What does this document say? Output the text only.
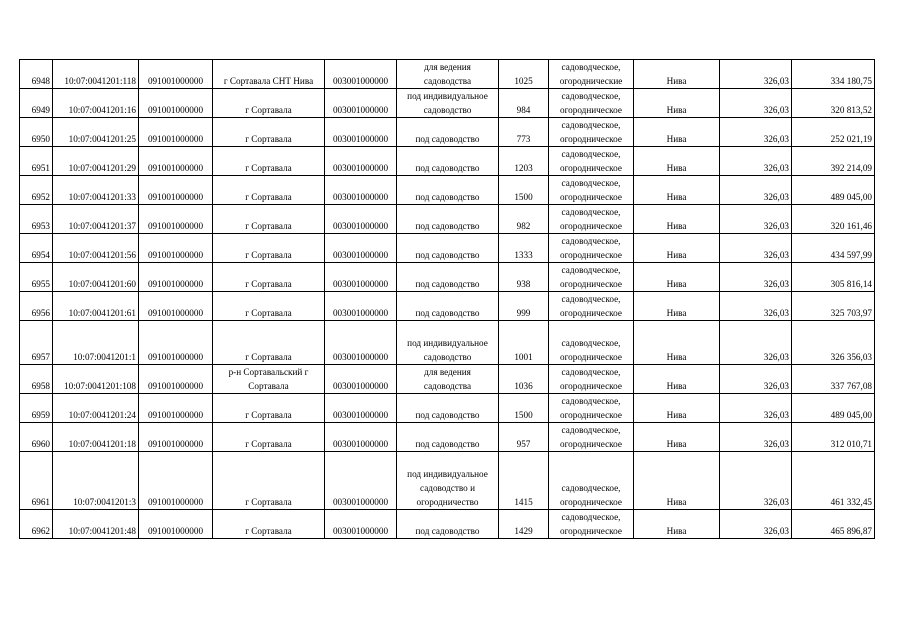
6948	10:07:0041201:118	091001000000	г Сортавала СНТ Нива	003001000000	для ведения
садоводства	1025	садоводческое,
огороднические	Нива	326,03	334 180,75
6949	10:07:0041201:16	091001000000	г Сортавала	003001000000	под индивидуальное
садоводство	984	садоводческое,
огородническое	Нива	326,03	320 813,52
6950	10:07:0041201:25	091001000000	г Сортавала	003001000000	под садоводство	773	садоводческое,
огородническое	Нива	326,03	252 021,19
6951	10:07:0041201:29	091001000000	г Сортавала	003001000000	под садоводство	1203	садоводческое,
огородническое	Нива	326,03	392 214,09
6952	10:07:0041201:33	091001000000	г Сортавала	003001000000	под садоводство	1500	садоводческое,
огородническое	Нива	326,03	489 045,00
6953	10:07:0041201:37	091001000000	г Сортавала	003001000000	под садоводство	982	садоводческое,
огородническое	Нива	326,03	320 161,46
6954	10:07:0041201:56	091001000000	г Сортавала	003001000000	под садоводство	1333	садоводческое,
огородническое	Нива	326,03	434 597,99
6955	10:07:0041201:60	091001000000	г Сортавала	003001000000	под садоводство	938	садоводческое,
огородническое	Нива	326,03	305 816,14
6956	10:07:0041201:61	091001000000	г Сортавала	003001000000	под садоводство	999	садоводческое,
огородническое	Нива	326,03	325 703,97
6957	10:07:0041201:1	091001000000	г Сортавала	003001000000	под индивидуальное
садоводство	1001	садоводческое,
огородническое	Нива	326,03	326 356,03
6958	10:07:0041201:108	091001000000	р-н Сортавальский г
Сортавала	003001000000	для ведения
садоводства	1036	садоводческое,
огородническое	Нива	326,03	337 767,08
6959	10:07:0041201:24	091001000000	г Сортавала	003001000000	под садоводство	1500	садоводческое,
огородническое	Нива	326,03	489 045,00
6960	10:07:0041201:18	091001000000	г Сортавала	003001000000	под садоводство	957	садоводческое,
огородническое	Нива	326,03	312 010,71
6961	10:07:0041201:3	091001000000	г Сортавала	003001000000	под индивидуальное
садоводство и
огородничество	1415	садоводческое,
огородническое	Нива	326,03	461 332,45
6962	10:07:0041201:48	091001000000	г Сортавала	003001000000	под садоводство	1429	садоводческое,
огородническое	Нива	326,03	465 896,87
